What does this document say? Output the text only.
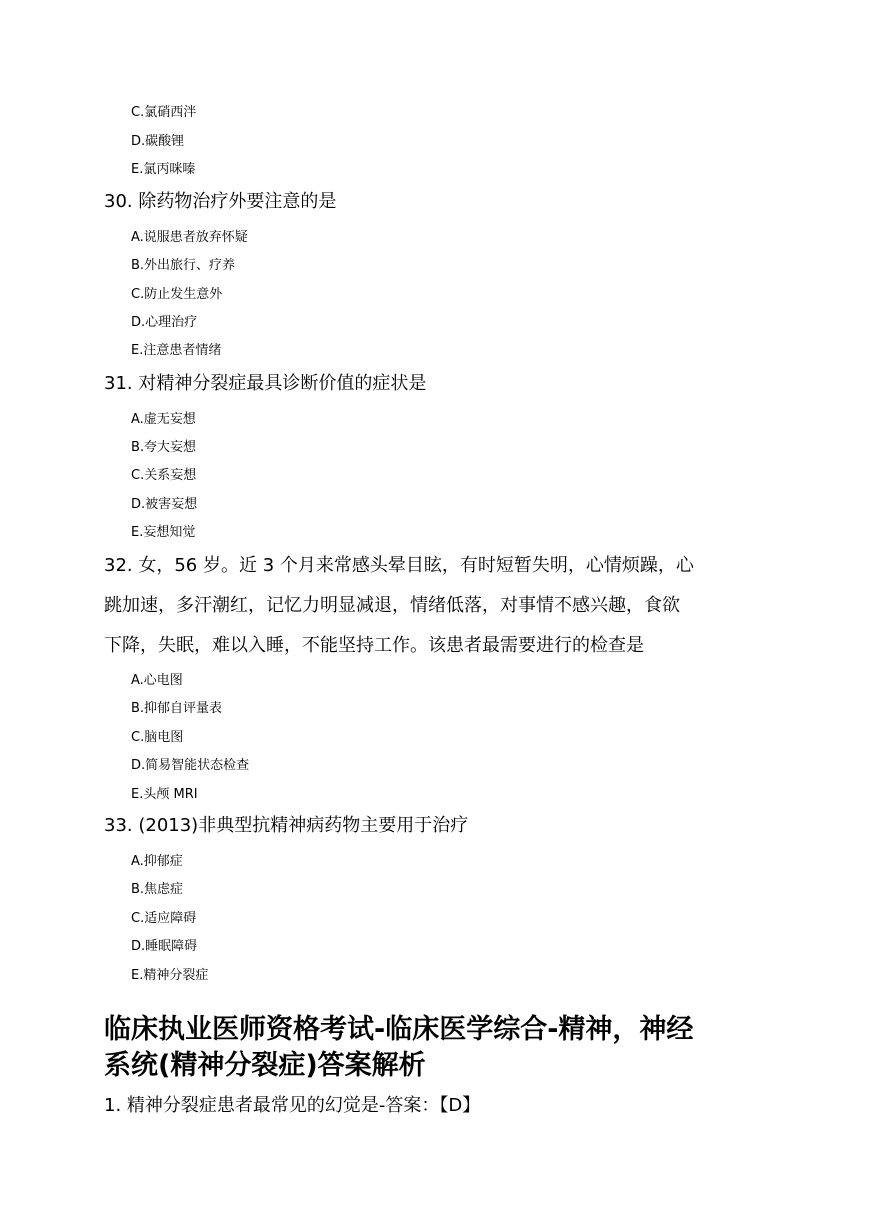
C.氯硝西泮
D.碳酸锂
E.氯丙咪嗪
30. 除药物治疗外要注意的是
A.说服患者放弃怀疑
B.外出旅行、疗养
C.防止发生意外
D.心理治疗
E.注意患者情绪
31. 对精神分裂症最具诊断价值的症状是
A.虚无妄想
B.夸大妄想
C.关系妄想
D.被害妄想
E.妄想知觉
32. 女，56 岁。近 3 个月来常感头晕目眩，有时短暂失明，心情烦躁，心
跳加速，多汗潮红，记忆力明显减退，情绪低落，对事情不感兴趣，食欲
下降，失眠，难以入睡，不能坚持工作。该患者最需要进行的检查是
A.心电图
B.抑郁自评量表
C.脑电图
D.简易智能状态检查
E.头颅 MRI
33. (2013)非典型抗精神病药物主要用于治疗
A.抑郁症
B.焦虑症
C.适应障碍
D.睡眠障碍
E.精神分裂症
临床执业医师资格考试-临床医学综合-精神，神经
系统(精神分裂症)答案解析
1. 精神分裂症患者最常见的幻觉是-答案：【D】
